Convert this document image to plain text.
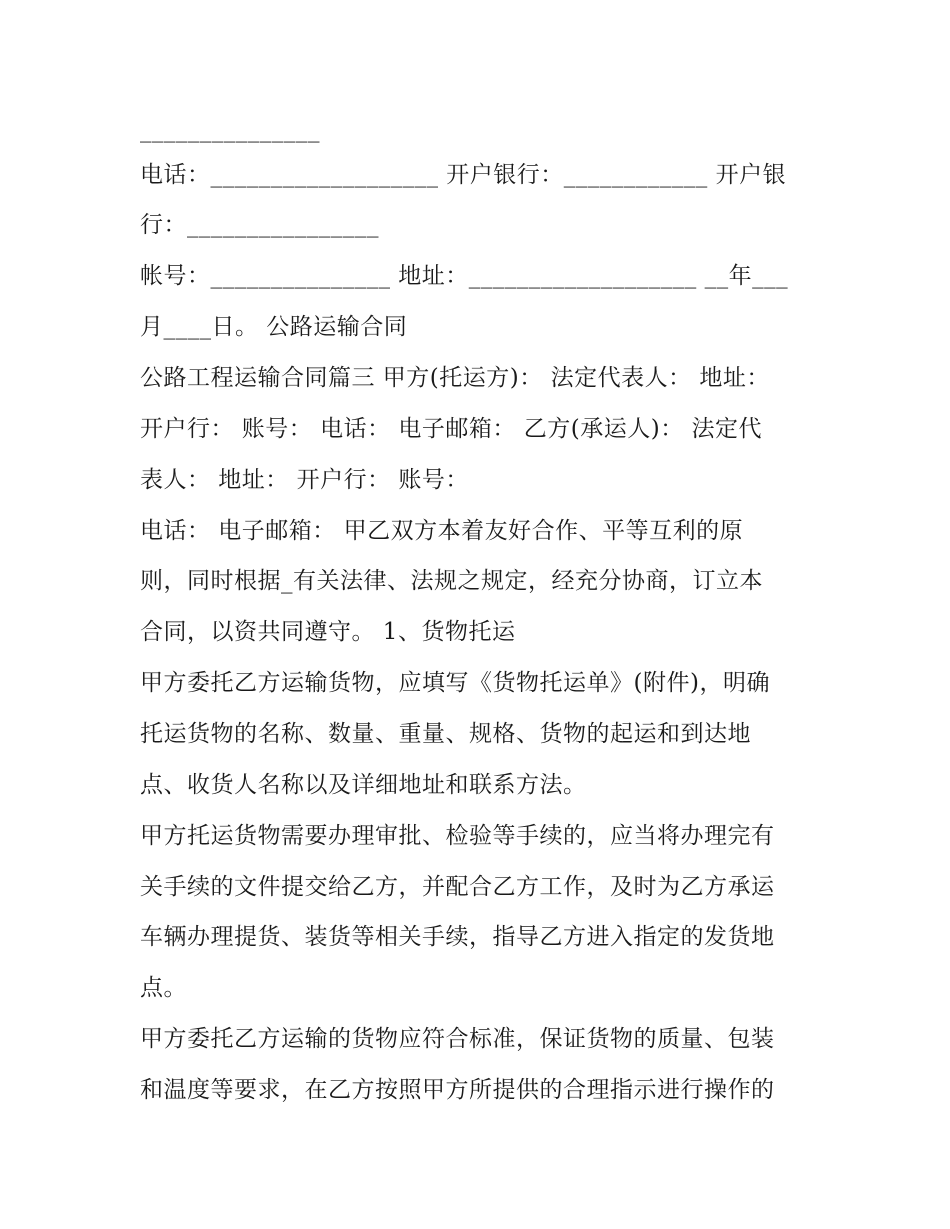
_______________
电话：___________________ 开户银行：____________ 开户银
行：________________
帐号：_______________ 地址：___________________ __年___
月____日。 公路运输合同
公路工程运输合同篇三 甲方(托运方)： 法定代表人： 地址：
开户行： 账号： 电话： 电子邮箱： 乙方(承运人)： 法定代
表人： 地址： 开户行： 账号：
电话： 电子邮箱： 甲乙双方本着友好合作、平等互利的原
则，同时根据_有关法律、法规之规定，经充分协商，订立本
合同，以资共同遵守。 1、货物托运
甲方委托乙方运输货物，应填写《货物托运单》(附件)，明确
托运货物的名称、数量、重量、规格、货物的起运和到达地
点、收货人名称以及详细地址和联系方法。
甲方托运货物需要办理审批、检验等手续的，应当将办理完有
关手续的文件提交给乙方，并配合乙方工作，及时为乙方承运
车辆办理提货、装货等相关手续，指导乙方进入指定的发货地
点。
甲方委托乙方运输的货物应符合标准，保证货物的质量、包装
和温度等要求，在乙方按照甲方所提供的合理指示进行操作的
